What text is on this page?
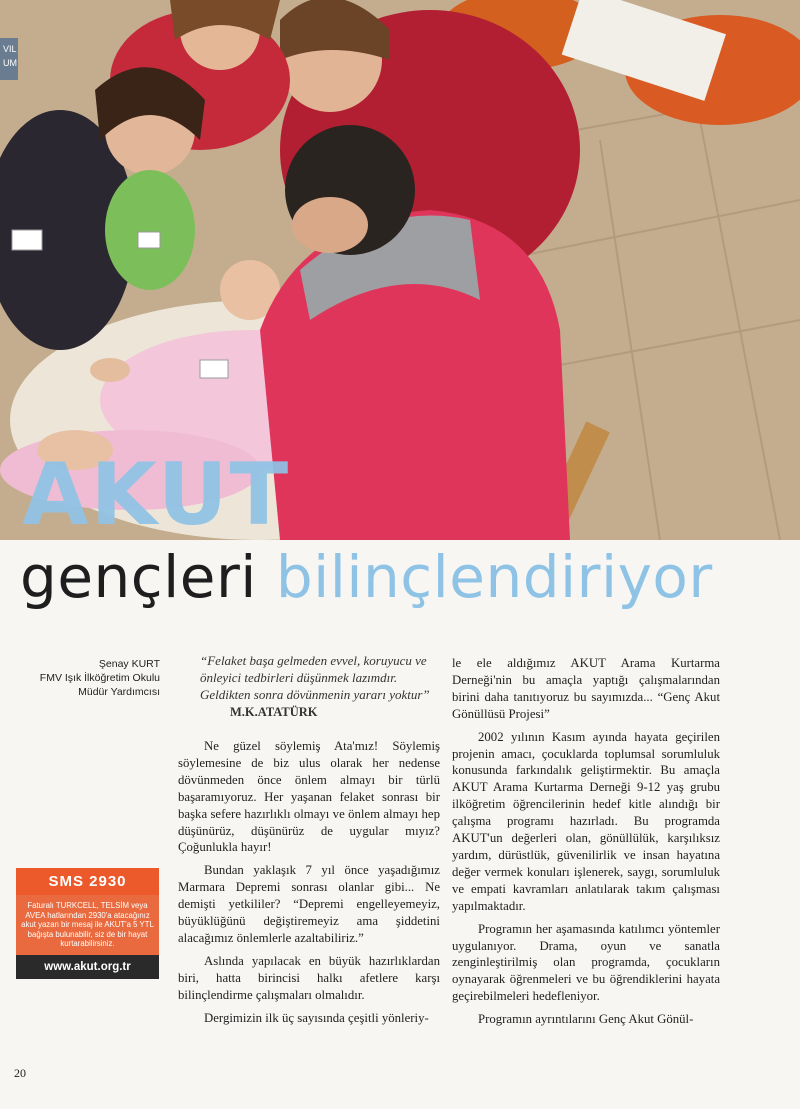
VIL
UM
AKUT
gençleri bilinçlendiriyor
Şenay KURT
FMV Işık İlköğretim Okulu
Müdür Yardımcısı
SMS 2930
Faturalı TURKCELL, TELSİM veya AVEA hatlarından 2930'a atacağınız akut yazan bir mesaj ile AKUT'a 5 YTL bağışta bulunabilir, siz de bir hayat kurtarabilirsiniz.
www.akut.org.tr
“Felaket başa gelmeden evvel, koruyucu ve önleyici tedbirleri düşünmek lazımdır. Geldikten sonra dövünmenin yararı yoktur”
M.K.ATATÜRK

Ne güzel söylemiş Ata'mız! Söylemiş söylemesine de biz ulus olarak her nedense dövünmeden önce önlem almayı bir türlü başaramıyoruz. Her yaşanan felaket sonrası bir başka sefere hazırlıklı olmayı ve önlem almayı hep düşünürüz, düşünürüz de uygular mıyız? Çoğunlukla hayır!

Bundan yaklaşık 7 yıl önce yaşadığımız Marmara Depremi sonrası olanlar gibi... Ne demişti yetkililer? “Depremi engelleyemeyiz, büyüklüğünü değiştiremeyiz ama şiddetini alacağımız önlemlerle azaltabiliriz.”

Aslında yapılacak en büyük hazırlıklardan biri, hatta birincisi halkı afetlere karşı bilinçlendirme çalışmaları olmalıdır.

Dergimizin ilk üç sayısında çeşitli yönleriy-

le ele aldığımız AKUT Arama Kurtarma Derneği'nin bu amaçla yaptığı çalışmalarından birini daha tanıtıyoruz bu sayımızda... “Genç Akut Gönüllüsü Projesi”

2002 yılının Kasım ayında hayata geçirilen projenin amacı, çocuklarda toplumsal sorumluluk konusunda farkındalık geliştirmektir. Bu amaçla AKUT Arama Kurtarma Derneği 9-12 yaş grubu ilköğretim öğrencilerinin hedef kitle alındığı bir çalışma programı hazırladı. Bu programda AKUT'un değerleri olan, gönüllülük, karşılıksız yardım, dürüstlük, güvenilirlik ve insan hayatına değer vermek konuları işlenerek, saygı, sorumluluk ve empati kavramları anlatılarak takım çalışması yapılmaktadır.

Programın her aşamasında katılımcı yöntemler uygulanıyor. Drama, oyun ve sanatla zenginleştirilmiş olan programda, çocukların oynayarak öğrenmeleri ve bu öğrendiklerini hayata geçirebilmeleri hedefleniyor.

Programın ayrıntılarını Genç Akut Gönül-

20
